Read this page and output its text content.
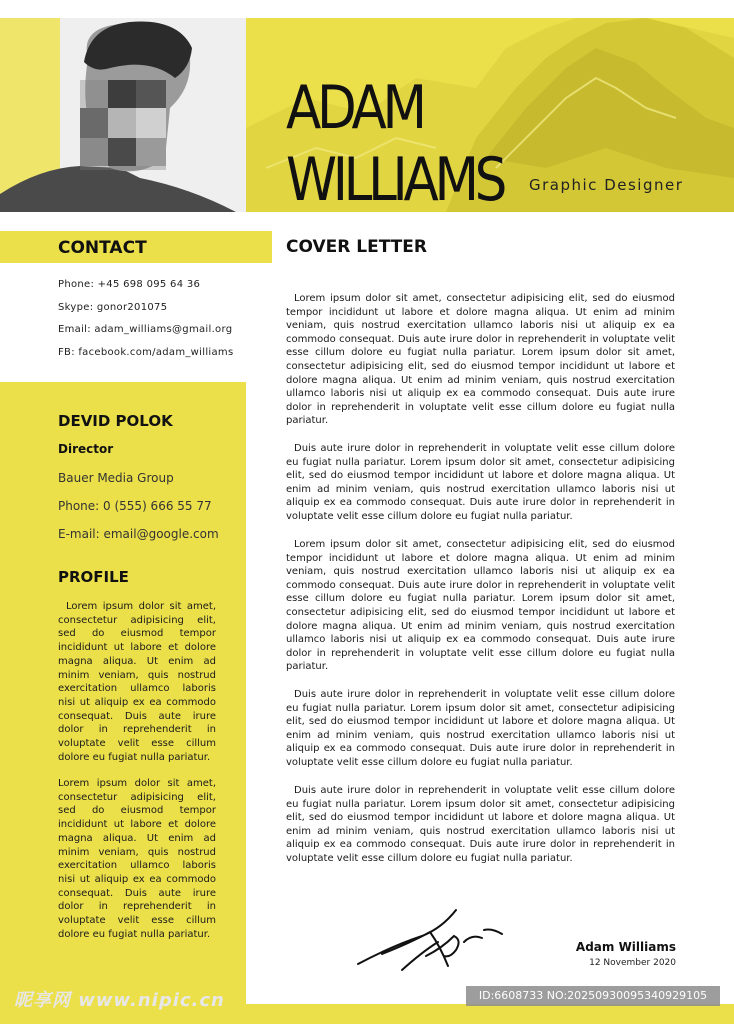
ADAM
WILLIAMS Graphic Designer
CONTACT
Phone: +45 698 095 64 36
Skype: gonor201075
Email: adam_williams@gmail.org
FB: facebook.com/adam_williams
DEVID POLOK
Director
Bauer Media Group
Phone: 0 (555) 666 55 77
E-mail: email@google.com
PROFILE

Lorem ipsum dolor sit amet, consectetur adipisicing elit, sed do eiusmod tempor incididunt ut labore et dolore magna aliqua. Ut enim ad minim veniam, quis nostrud exercitation ullamco laboris nisi ut aliquip ex ea commodo consequat. Duis aute irure dolor in reprehenderit in voluptate velit esse cillum dolore eu fugiat nulla pariatur.

Lorem ipsum dolor sit amet, consectetur adipisicing elit, sed do eiusmod tempor incididunt ut labore et dolore magna aliqua. Ut enim ad minim veniam, quis nostrud exercitation ullamco laboris nisi ut aliquip ex ea commodo consequat. Duis aute irure dolor in reprehenderit in voluptate velit esse cillum dolore eu fugiat nulla pariatur.

COVER LETTER

Lorem ipsum dolor sit amet, consectetur adipisicing elit, sed do eiusmod tempor incididunt ut labore et dolore magna aliqua. Ut enim ad minim veniam, quis nostrud exercitation ullamco laboris nisi ut aliquip ex ea commodo consequat. Duis aute irure dolor in reprehenderit in voluptate velit esse cillum dolore eu fugiat nulla pariatur. Lorem ipsum dolor sit amet, consectetur adipisicing elit, sed do eiusmod tempor incididunt ut labore et dolore magna aliqua. Ut enim ad minim veniam, quis nostrud exercitation ullamco laboris nisi ut aliquip ex ea commodo consequat. Duis aute irure dolor in reprehenderit in voluptate velit esse cillum dolore eu fugiat nulla pariatur.

Duis aute irure dolor in reprehenderit in voluptate velit esse cillum dolore eu fugiat nulla pariatur. Lorem ipsum dolor sit amet, consectetur adipisicing elit, sed do eiusmod tempor incididunt ut labore et dolore magna aliqua. Ut enim ad minim veniam, quis nostrud exercitation ullamco laboris nisi ut aliquip ex ea commodo consequat. Duis aute irure dolor in reprehenderit in voluptate velit esse cillum dolore eu fugiat nulla pariatur.

Lorem ipsum dolor sit amet, consectetur adipisicing elit, sed do eiusmod tempor incididunt ut labore et dolore magna aliqua. Ut enim ad minim veniam, quis nostrud exercitation ullamco laboris nisi ut aliquip ex ea commodo consequat. Duis aute irure dolor in reprehenderit in voluptate velit esse cillum dolore eu fugiat nulla pariatur. Lorem ipsum dolor sit amet, consectetur adipisicing elit, sed do eiusmod tempor incididunt ut labore et dolore magna aliqua. Ut enim ad minim veniam, quis nostrud exercitation ullamco laboris nisi ut aliquip ex ea commodo consequat. Duis aute irure dolor in reprehenderit in voluptate velit esse cillum dolore eu fugiat nulla pariatur.

Duis aute irure dolor in reprehenderit in voluptate velit esse cillum dolore eu fugiat nulla pariatur. Lorem ipsum dolor sit amet, consectetur adipisicing elit, sed do eiusmod tempor incididunt ut labore et dolore magna aliqua. Ut enim ad minim veniam, quis nostrud exercitation ullamco laboris nisi ut aliquip ex ea commodo consequat. Duis aute irure dolor in reprehenderit in voluptate velit esse cillum dolore eu fugiat nulla pariatur.

Duis aute irure dolor in reprehenderit in voluptate velit esse cillum dolore eu fugiat nulla pariatur. Lorem ipsum dolor sit amet, consectetur adipisicing elit, sed do eiusmod tempor incididunt ut labore et dolore magna aliqua. Ut enim ad minim veniam, quis nostrud exercitation ullamco laboris nisi ut aliquip ex ea commodo consequat. Duis aute irure dolor in reprehenderit in voluptate velit esse cillum dolore eu fugiat nulla pariatur.

Adam Williams
12 November 2020
昵享网 www.nipic.cn	ID:6608733 NO:20250930095340929105
